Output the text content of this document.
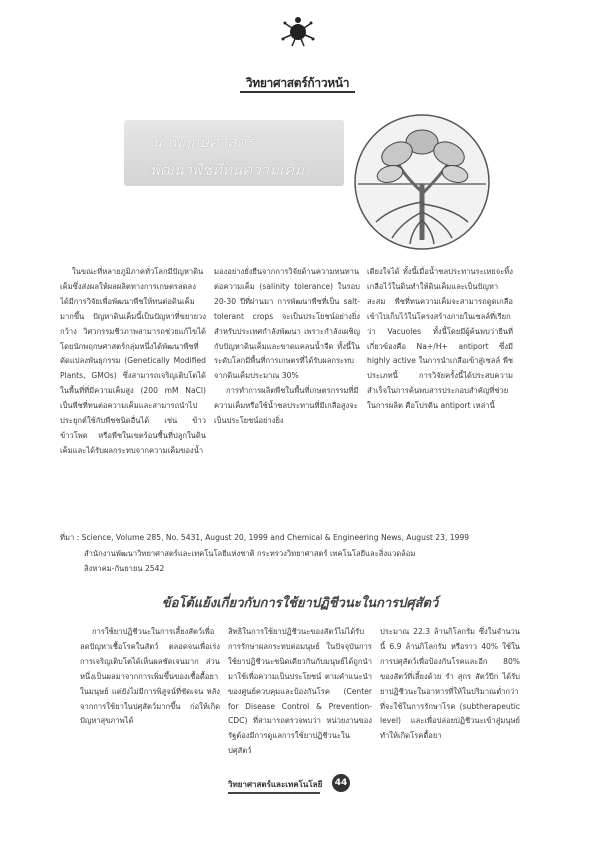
วิทยาศาสตร์ก้าวหน้า
นักพฤกษศาสตร์
พัฒนาพืชที่ทนความเค็ม

ในขณะที่หลายภูมิภาคทั่วโลกมีปัญหาดินเค็มซึ่งส่งผลให้ผลผลิตทางการเกษตรลดลง ได้มีการวิจัยเพื่อพัฒนาพืชให้ทนต่อดินเค็มมากขึ้น ปัญหาดินเค็มนี้เป็นปัญหาที่ขยายวงกว้าง วิศวกรรมชีวภาพสามารถช่วยแก้ไขได้ โดยนักพฤกษศาสตร์กลุ่มหนึ่งได้พัฒนาพืชที่ดัดแปลงพันธุกรรม (Genetically Modified Plants, GMOs) ซึ่งสามารถเจริญเติบโตได้ในพื้นที่ที่มีความเค็มสูง (200 mM NaCl) เป็นพืชที่ทนต่อความเค็มและสามารถนำไปประยุกต์ใช้กับพืชชนิดอื่นได้ เช่น ข้าว ข้าวโพด หรือพืชในเขตร้อนชื้นที่ปลูกในดินเค็มและได้รับผลกระทบจากความเค็มของน้ำ

มองอย่างยั่งยืนจากการวิจัยด้านความทนทานต่อความเค็ม (salinity tolerance) ในรอบ 20-30 ปีที่ผ่านมา การพัฒนาพืชที่เป็น salt-tolerant crops จะเป็นประโยชน์อย่างยิ่งสำหรับประเทศกำลังพัฒนา เพราะกำลังเผชิญกับปัญหาดินเค็มและขาดแคลนน้ำจืด ทั้งนี้ในระดับโลกมีพื้นที่การเกษตรที่ได้รับผลกระทบจากดินเค็มประมาณ 30%

การทำการผลิตพืชในพื้นที่เกษตรกรรมที่มีความเค็มหรือใช้น้ำชลประทานที่มีเกลือสูงจะเป็นประโยชน์อย่างยิ่ง

เดียงใจได้ ทั้งนี้เมื่อน้ำชลประทานระเหยจะทิ้งเกลือไว้ในดินทำให้ดินเค็มและเป็นปัญหาสะสม พืชที่ทนความเค็มจะสามารถดูดเกลือเข้าไปเก็บไว้ในโครงสร้างภายในเซลล์ที่เรียกว่า Vacuoles ทั้งนี้โดยมีผู้ค้นพบว่ายีนที่เกี่ยวข้องคือ Na+/H+ antiport ซึ่งมี highly active ในการนำเกลือเข้าสู่เซลล์ พืชประเภทนี้ การวิจัยครั้งนี้ได้ประสบความสำเร็จในการค้นพบสารประกอบสำคัญที่ช่วยในการผลิต คือโปรตีน antiport เหล่านี้

ที่มา : Science, Volume 285, No. 5431, August 20, 1999 and Chemical & Engineering News, August 23, 1999
สำนักงานพัฒนาวิทยาศาสตร์และเทคโนโลยีแห่งชาติ กระทรวงวิทยาศาสตร์ เทคโนโลยีและสิ่งแวดล้อม
สิงหาคม-กันยายน 2542
ข้อโต้แย้งเกี่ยวกับการใช้ยาปฏิชีวนะในการปศุสัตว์

การใช้ยาปฏิชีวนะในการเลี้ยงสัตว์เพื่อลดปัญหาเชื้อโรคในสัตว์ ตลอดจนเพื่อเร่งการเจริญเติบโตได้เห็นผลชัดเจนมาก ส่วนหนึ่งเป็นผลมาจากการเพิ่มขึ้นของเชื้อดื้อยาในมนุษย์ แต่ยังไม่มีการพิสูจน์ที่ชัดเจน หลังจากการใช้ยาในปศุสัตว์มากขึ้น ก่อให้เกิดปัญหาสุขภาพได้

สิทธิในการใช้ยาปฏิชีวนะของสัตว์ไม่ได้รับการรักษาผลกระทบต่อมนุษย์ ในปัจจุบันการใช้ยาปฏิชีวนะชนิดเดียวกันกับมนุษย์ได้ถูกนำมาใช้เพื่อความเป็นประโยชน์ ตามคำแนะนำของศูนย์ควบคุมและป้องกันโรค (Center for Disease Control & Prevention-CDC) ที่สามารถตรวจพบว่า หน่วยงานของรัฐต้องมีการดูแลการใช้ยาปฏิชีวนะในปศุสัตว์

ประมาณ 22.3 ล้านกิโลกรัม ซึ่งในจำนวนนี้ 6.9 ล้านกิโลกรัม หรือราว 40% ใช้ในการปศุสัตว์เพื่อป้องกันโรคและอีก 80% ของสัตว์ที่เลี้ยงด้วย รำ สุกร สัตว์ปีก ได้รับยาปฏิชีวนะในอาหารที่ให้ในปริมาณต่ำกว่าที่จะใช้ในการรักษาโรค (subtherapeutic level) และเพื่อปล่อยปฏิชีวนะเข้าสู่มนุษย์ทำให้เกิดโรคดื้อยา

วิทยาศาสตร์และเทคโนโลยี	44
